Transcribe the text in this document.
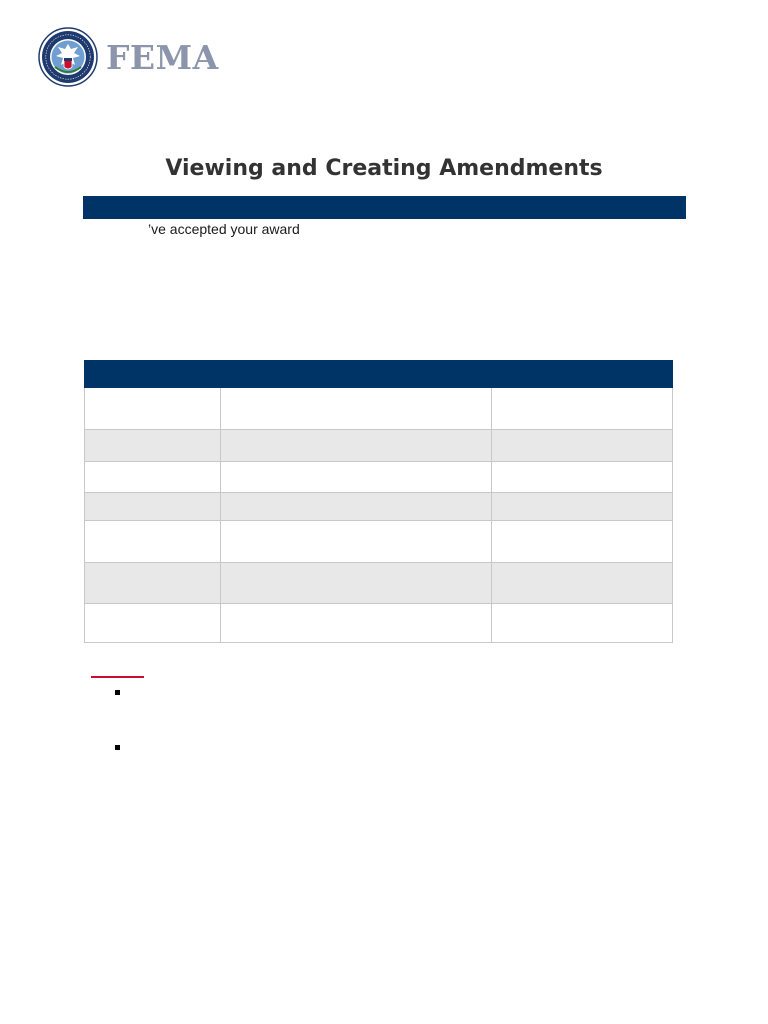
FEMA
Viewing and Creating Amendments
’ve accepted your award
